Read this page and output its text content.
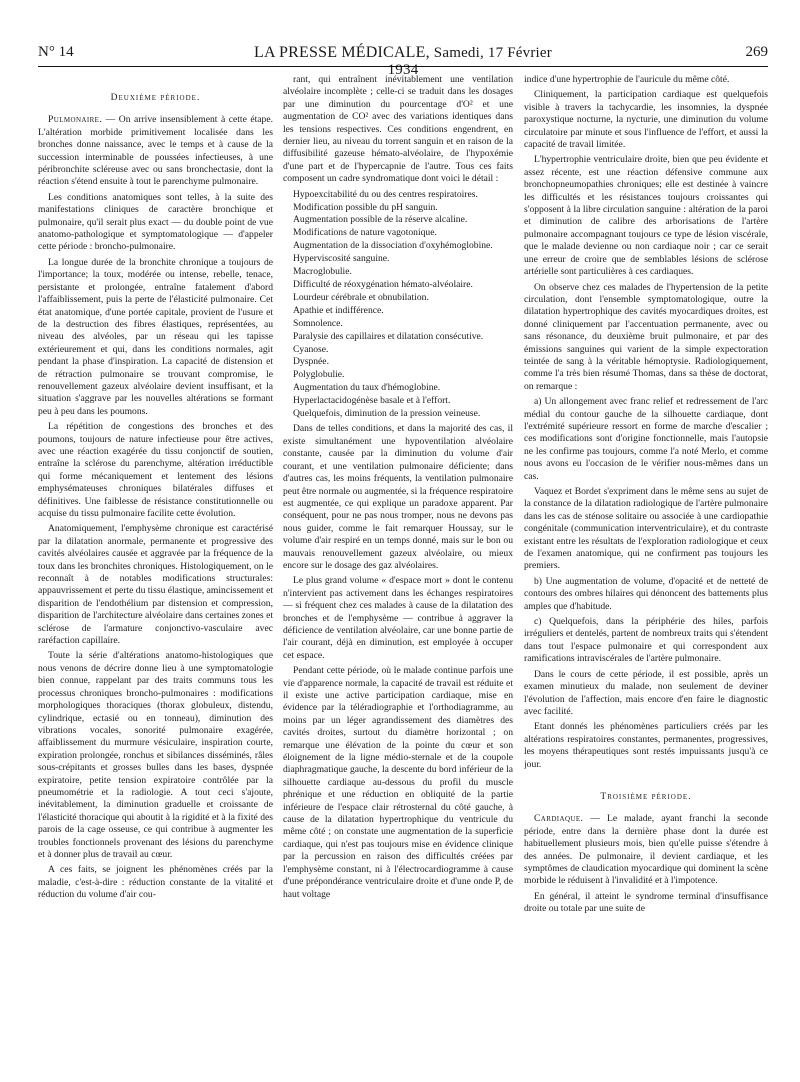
N° 14	LA PRESSE MÉDICALE, Samedi, 17 Février 1934
269

Deuxième période.

Pulmonaire. — On arrive insensiblement à cette étape. L'altération morbide primitivement localisée dans les bronches donne naissance, avec le temps et à cause de la succession interminable de poussées infectieuses, à une péribronchite scléreuse avec ou sans bronchectasie, dont la réaction s'étend ensuite à tout le parenchyme pulmonaire.

Les conditions anatomiques sont telles, à la suite des manifestations cliniques de caractère bronchique et pulmonaire, qu'il serait plus exact — du double point de vue anatomo-pathologique et symptomatologique — d'appeler cette période : broncho-pulmonaire.

La longue durée de la bronchite chronique a toujours de l'importance; la toux, modérée ou intense, rebelle, tenace, persistante et prolongée, entraîne fatalement d'abord l'affaiblissement, puis la perte de l'élasticité pulmonaire. Cet état anatomique, d'une portée capitale, provient de l'usure et de la destruction des fibres élastiques, représentées, au niveau des alvéoles, par un réseau qui les tapisse extérieurement et qui, dans les conditions normales, agit pendant la phase d'inspiration. La capacité de distension et de rétraction pulmonaire se trouvant compromise, le renouvellement gazeux alvéolaire devient insuffisant, et la situation s'aggrave par les nouvelles altérations se formant peu à peu dans les poumons.

La répétition de congestions des bronches et des poumons, toujours de nature infectieuse pour être actives, avec une réaction exagérée du tissu conjonctif de soutien, entraîne la sclérose du parenchyme, altération irréductible qui forme mécaniquement et lentement des lésions emphysémateuses chroniques bilatérales diffuses et définitives. Une faiblesse de résistance constitutionnelle ou acquise du tissu pulmonaire facilite cette évolution.

Anatomiquement, l'emphysème chronique est caractérisé par la dilatation anormale, permanente et progressive des cavités alvéolaires causée et aggravée par la fréquence de la toux dans les bronchites chroniques. Histologiquement, on le reconnaît à de notables modifications structurales: appauvrissement et perte du tissu élastique, amincissement et disparition de l'endothélium par distension et compression, disparition de l'architecture alvéolaire dans certaines zones et sclérose de l'armature conjonctivo-vasculaire avec raréfaction capillaire.

Toute la série d'altérations anatomo-histologiques que nous venons de décrire donne lieu à une symptomatologie bien connue, rappelant par des traits communs tous les processus chroniques broncho-pulmonaires : modifications morphologiques thoraciques (thorax globuleux, distendu, cylindrique, ectasié ou en tonneau), diminution des vibrations vocales, sonorité pulmonaire exagérée, affaiblissement du murmure vésiculaire, inspiration courte, expiration prolongée, ronchus et sibilances disséminés, râles sous-crépitants et grosses bulles dans les bases, dyspnée expiratoire, petite tension expiratoire contrôlée par la pneumométrie et la radiologie. A tout ceci s'ajoute, inévitablement, la diminution graduelle et croissante de l'élasticité thoracique qui aboutit à la rigidité et à la fixité des parois de la cage osseuse, ce qui contribue à augmenter les troubles fonctionnels provenant des lésions du parenchyme et à donner plus de travail au cœur.

A ces faits, se joignent les phénomènes créés par la maladie, c'est-à-dire : réduction constante de la vitalité et réduction du volume d'air cou-

rant, qui entraînent inévitablement une ventilation alvéolaire incomplète ; celle-ci se traduit dans les dosages par une diminution du pourcentage d'O² et une augmentation de CO² avec des variations identiques dans les tensions respectives. Ces conditions engendrent, en dernier lieu, au niveau du torrent sanguin et en raison de la diffusibilité gazeuse hémato-alvéolaire, de l'hypoxémie d'une part et de l'hypercapnie de l'autre. Tous ces faits composent un cadre syndromatique dont voici le détail :

Hypoexcitabilité du ou des centres respiratoires.
Modification possible du pH sanguin.
Augmentation possible de la réserve alcaline.
Modifications de nature vagotonique.
Augmentation de la dissociation d'oxyhémoglobine.
Hyperviscosité sanguine.
Macroglobulie.
Difficulté de réoxygénation hémato-alvéolaire.
Lourdeur cérébrale et obnubilation.
Apathie et indifférence.
Somnolence.
Paralysie des capillaires et dilatation consécutive.
Cyanose.
Dyspnée.
Polyglobulie.
Augmentation du taux d'hémoglobine.
Hyperlactacidogénèse basale et à l'effort.
Quelquefois, diminution de la pression veineuse.

Dans de telles conditions, et dans la majorité des cas, il existe simultanément une hypoventilation alvéolaire constante, causée par la diminution du volume d'air courant, et une ventilation pulmonaire déficiente; dans d'autres cas, les moins fréquents, la ventilation pulmonaire peut être normale ou augmentée, si la fréquence respiratoire est augmentée, ce qui explique un paradoxe apparent. Par conséquent, pour ne pas nous tromper, nous ne devons pas nous guider, comme le fait remarquer Houssay, sur le volume d'air respiré en un temps donné, mais sur le bon ou mauvais renouvellement gazeux alvéolaire, ou mieux encore sur le dosage des gaz alvéolaires.

Le plus grand volume « d'espace mort » dont le contenu n'intervient pas activement dans les échanges respiratoires — si fréquent chez ces malades à cause de la dilatation des bronches et de l'emphysème — contribue à aggraver la déficience de ventilation alvéolaire, car une bonne partie de l'air courant, déjà en diminution, est employée à occuper cet espace.

Pendant cette période, où le malade continue parfois une vie d'apparence normale, la capacité de travail est réduite et il existe une active participation cardiaque, mise en évidence par la téléradiographie et l'orthodiagramme, au moins par un léger agrandissement des diamètres des cavités droites, surtout du diamètre horizontal ; on remarque une élévation de la pointe du cœur et son éloignement de la ligne médio-sternale et de la coupole diaphragmatique gauche, la descente du bord inférieur de la silhouette cardiaque au-dessous du profil du muscle phrénique et une réduction en obliquité de la partie inférieure de l'espace clair rétrosternal du côté gauche, à cause de la dilatation hypertrophique du ventricule du même côté ; on constate une augmentation de la superficie cardiaque, qui n'est pas toujours mise en évidence clinique par la percussion en raison des difficultés créées par l'emphysème constant, ni à l'électrocardiogramme à cause d'une prépondérance ventriculaire droite et d'une onde P, de haut voltage

indice d'une hypertrophie de l'auricule du même côté.

Cliniquement, la participation cardiaque est quelquefois visible à travers la tachycardie, les insomnies, la dyspnée paroxystique nocturne, la nycturie, une diminution du volume circulatoire par minute et sous l'influence de l'effort, et aussi la capacité de travail limitée.

L'hypertrophie ventriculaire droite, bien que peu évidente et assez récente, est une réaction défensive commune aux bronchopneumopathies chroniques; elle est destinée à vaincre les difficultés et les résistances toujours croissantes qui s'opposent à la libre circulation sanguine : altération de la paroi et diminution de calibre des arborisations de l'artère pulmonaire accompagnant toujours ce type de lésion viscérale, que le malade devienne ou non cardiaque noir ; car ce serait une erreur de croire que de semblables lésions de sclérose artérielle sont particulières à ces cardiaques.

On observe chez ces malades de l'hypertension de la petite circulation, dont l'ensemble symptomatologique, outre la dilatation hypertrophique des cavités myocardiques droites, est donné cliniquement par l'accentuation permanente, avec ou sans résonance, du deuxième bruit pulmonaire, et par des émissions sanguines qui varient de la simple expectoration teintée de sang à la véritable hémoptysie. Radiologiquement, comme l'a très bien résumé Thomas, dans sa thèse de doctorat, on remarque :

a) Un allongement avec franc relief et redressement de l'arc médial du contour gauche de la silhouette cardiaque, dont l'extrémité supérieure ressort en forme de marche d'escalier ; ces modifications sont d'origine fonctionnelle, mais l'autopsie ne les confirme pas toujours, comme l'a noté Merlo, et comme nous avons eu l'occasion de le vérifier nous-mêmes dans un cas.

Vaquez et Bordet s'expriment dans le même sens au sujet de la constance de la dilatation radiologique de l'artère pulmonaire dans les cas de sténose solitaire ou associée à une cardiopathie congénitale (communication interventriculaire), et du contraste existant entre les résultats de l'exploration radiologique et ceux de l'examen anatomique, qui ne confirment pas toujours les premiers.

b) Une augmentation de volume, d'opacité et de netteté de contours des ombres hilaires qui dénoncent des battements plus amples que d'habitude.

c) Quelquefois, dans la périphérie des hiles, parfois irréguliers et dentelés, partent de nombreux traits qui s'étendent dans tout l'espace pulmonaire et qui correspondent aux ramifications intraviscérales de l'artère pulmonaire.

Dans le cours de cette période, il est possible, après un examen minutieux du malade, non seulement de deviner l'évolution de l'affection, mais encore d'en faire le diagnostic avec facilité.

Etant donnés les phénomènes particuliers créés par les altérations respiratoires constantes, permanentes, progressives, les moyens thérapeutiques sont restés impuissants jusqu'à ce jour.

Troisième période.

Cardiaque. — Le malade, ayant franchi la seconde période, entre dans la dernière phase dont la durée est habituellement plusieurs mois, bien qu'elle puisse s'étendre à des années. De pulmonaire, il devient cardiaque, et les symptômes de claudication myocardique qui dominent la scène morbide le réduisent à l'invalidité et à l'impotence.

En général, il atteint le syndrome terminal d'insuffisance droite ou totale par une suite de
